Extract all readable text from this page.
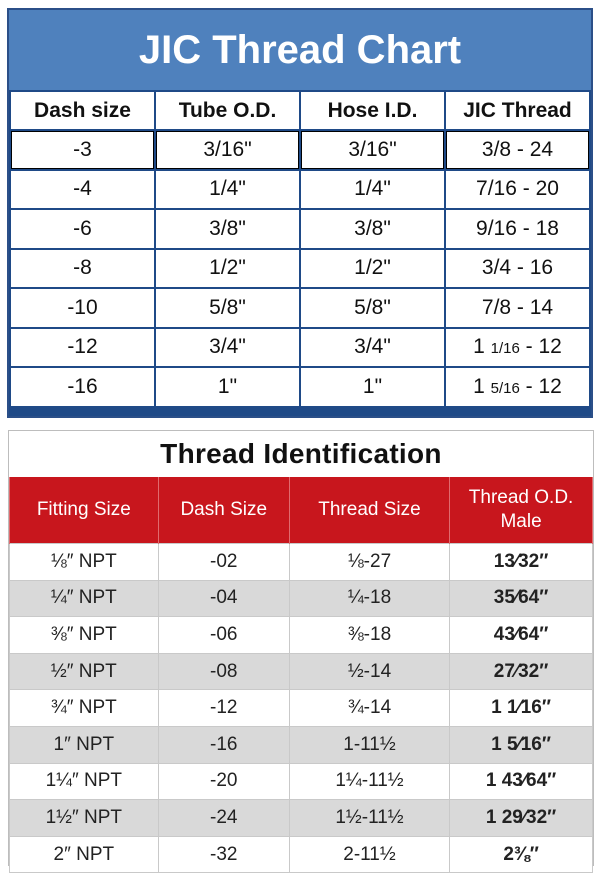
JIC Thread Chart
Dash size	Tube O.D.	Hose I.D.	JIC Thread
-3	3/16"	3/16"	3/8 - 24
-4	1/4"	1/4"	7/16 - 20
-6	3/8"	3/8"	9/16 - 18
-8	1/2"	1/2"	3/4 - 16
-10	5/8"	5/8"	7/8 - 14
-12	3/4"	3/4"	1 1/16 - 12
-16	1"	1"	1 5/16 - 12
Thread Identification
Fitting Size	Dash Size	Thread Size	Thread O.D. Male
⅛″ NPT	-02	⅛-27	13⁄32″
¼″ NPT	-04	¼-18	35⁄64″
⅜″ NPT	-06	⅜-18	43⁄64″
½″ NPT	-08	½-14	27⁄32″
¾″ NPT	-12	¾-14	1 1⁄16″
1″ NPT	-16	1-11½	1 5⁄16″
1¼″ NPT	-20	1¼-11½	1 43⁄64″
1½″ NPT	-24	1½-11½	1 29⁄32″
2″ NPT	-32	2-11½	2⅜″
